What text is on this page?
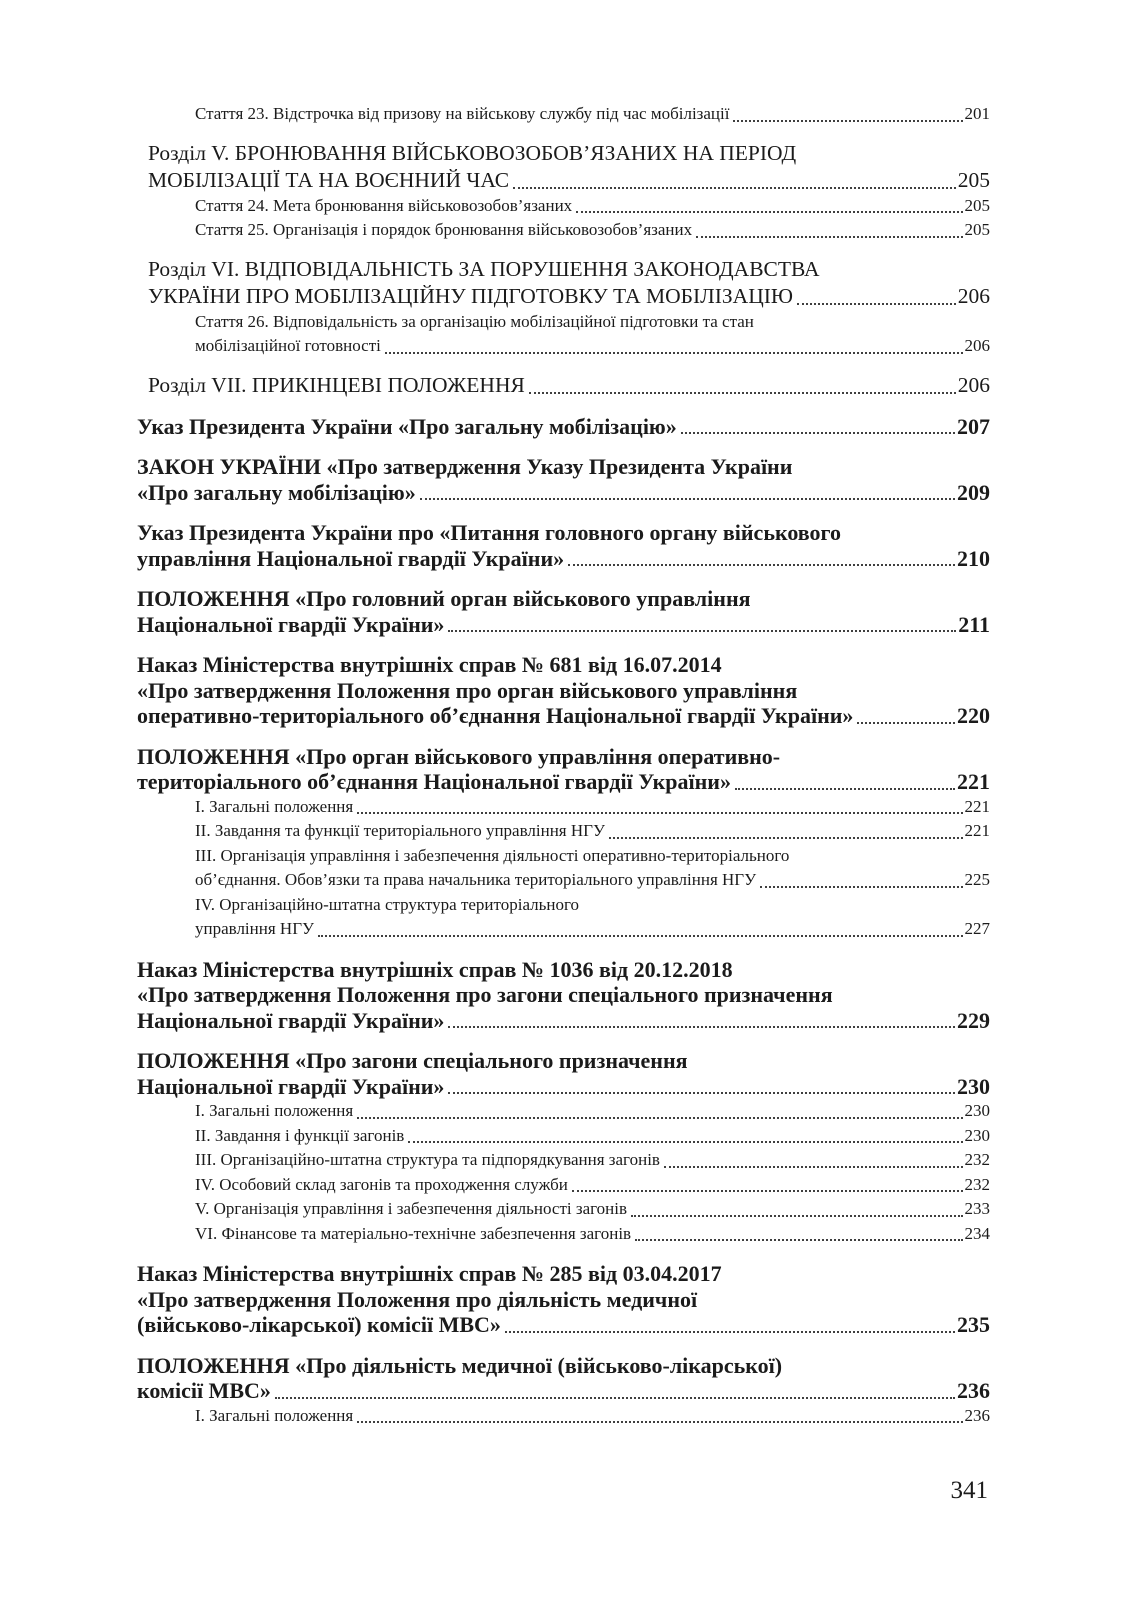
Стаття 23. Відстрочка від призову на військову службу під час мобілізації	201
Розділ V. БРОНЮВАННЯ ВІЙСЬКОВОЗОБОВ’ЯЗАНИХ НА ПЕРІОД
МОБІЛІЗАЦІЇ ТА НА ВОЄННИЙ ЧАС	205
Стаття 24. Мета бронювання військовозобов’язаних	205
Стаття 25. Організація і порядок бронювання військовозобов’язаних	205
Розділ VI. ВІДПОВІДАЛЬНІСТЬ ЗА ПОРУШЕННЯ ЗАКОНОДАВСТВА
УКРАЇНИ ПРО МОБІЛІЗАЦІЙНУ ПІДГОТОВКУ ТА МОБІЛІЗАЦІЮ	206
Стаття 26. Відповідальність за організацію мобілізаційної підготовки та стан
мобілізаційної готовності	206
Розділ VII. ПРИКІНЦЕВІ ПОЛОЖЕННЯ	206
Указ Президента України «Про загальну мобілізацію»	207
ЗАКОН УКРАЇНИ «Про затвердження Указу Президента України
«Про загальну мобілізацію»	209
Указ Президента України про «Питання головного органу військового
управління Національної гвардії України»	210
ПОЛОЖЕННЯ «Про головний орган військового управління
Національної гвардії України»	211
Наказ Міністерства внутрішніх справ № 681 від 16.07.2014
«Про затвердження Положення про орган військового управління
оперативно-територіального об’єднання Національної гвардії України»	220
ПОЛОЖЕННЯ «Про орган військового управління оперативно-
територіального об’єднання Національної гвардії України»	221
I. Загальні положення	221
II. Завдання та функції територіального управління НГУ	221
III. Організація управління і забезпечення діяльності оперативно-територіального
об’єднання. Обов’язки та права начальника територіального управління НГУ	225
IV. Організаційно-штатна структура територіального
управління НГУ	227
Наказ Міністерства внутрішніх справ № 1036 від 20.12.2018
«Про затвердження Положення про загони спеціального призначення
Національної гвардії України»	229
ПОЛОЖЕННЯ «Про загони спеціального призначення
Національної гвардії України»	230
I. Загальні положення	230
II. Завдання і функції загонів	230
III. Організаційно-штатна структура та підпорядкування загонів	232
IV. Особовий склад загонів та проходження служби	232
V. Організація управління і забезпечення діяльності загонів	233
VI. Фінансове та матеріально-технічне забезпечення загонів	234
Наказ Міністерства внутрішніх справ № 285 від 03.04.2017
«Про затвердження Положення про діяльність медичної
(військово-лікарської) комісії МВС»	235
ПОЛОЖЕННЯ «Про діяльність медичної (військово-лікарської)
комісії МВС»	236
I. Загальні положення	236
341
